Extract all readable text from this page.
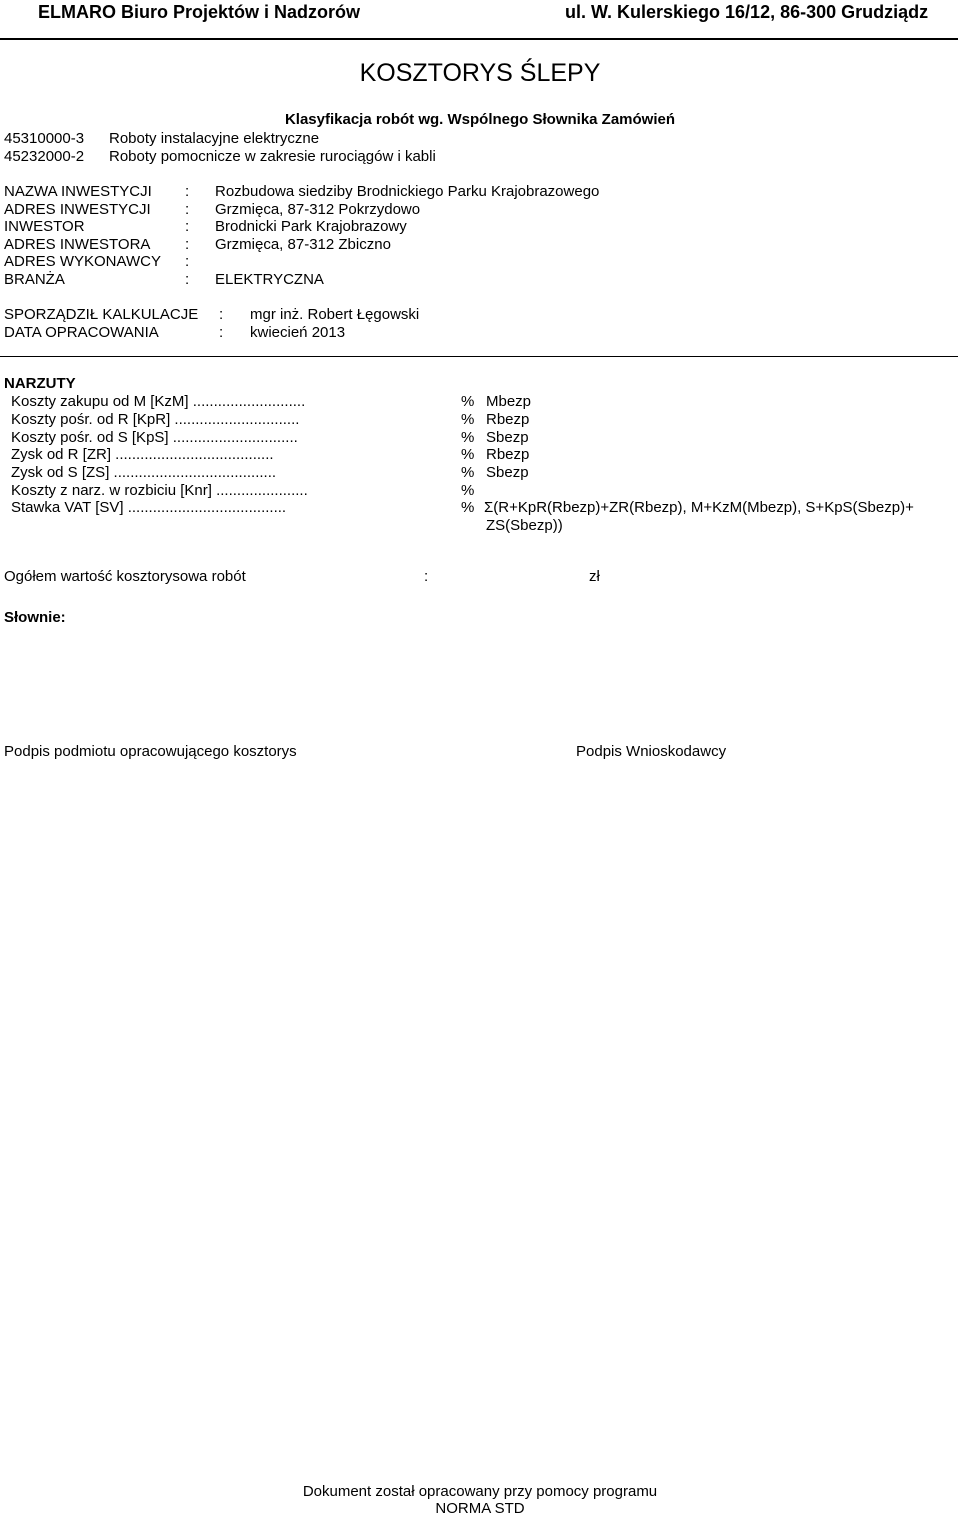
ELMARO Biuro Projektów i Nadzorów	ul. W. Kulerskiego 16/12, 86-300 Grudziądz
KOSZTORYS ŚLEPY
Klasyfikacja robót wg. Wspólnego Słownika Zamówień
45310000-3 Roboty instalacyjne elektryczne
45232000-2 Roboty pomocnicze w zakresie rurociągów i kabli
NAZWA INWESTYCJI : Rozbudowa siedziby Brodnickiego Parku Krajobrazowego
ADRES INWESTYCJI : Grzmięca, 87-312 Pokrzydowo
INWESTOR	: Brodnicki Park Krajobrazowy
ADRES INWESTORA : Grzmięca, 87-312 Zbiczno
ADRES WYKONAWCY :
BRANŻA	: ELEKTRYCZNA
SPORZĄDZIŁ KALKULACJE : mgr inż. Robert Łęgowski
DATA OPRACOWANIA	: kwiecień 2013
NARZUTY
Koszty zakupu od M [KzM] ...........................	% Mbezp
Koszty pośr. od R [KpR] ..............................	% Rbezp
Koszty pośr. od S [KpS] ..............................	% Sbezp
Zysk od R [ZR] ......................................	% Rbezp
Zysk od S [ZS] .......................................	% Sbezp
Koszty z narz. w rozbiciu [Knr] ......................	%
Stawka VAT [SV] ......................................	% Σ(R+KpR(Rbezp)+ZR(Rbezp), M+KzM(Mbezp), S+KpS(Sbezp)+
ZS(Sbezp))
Ogółem wartość kosztorysowa robót	:	zł
Słownie:
Podpis podmiotu opracowującego kosztorys	Podpis Wnioskodawcy
Dokument został opracowany przy pomocy programu
NORMA STD
